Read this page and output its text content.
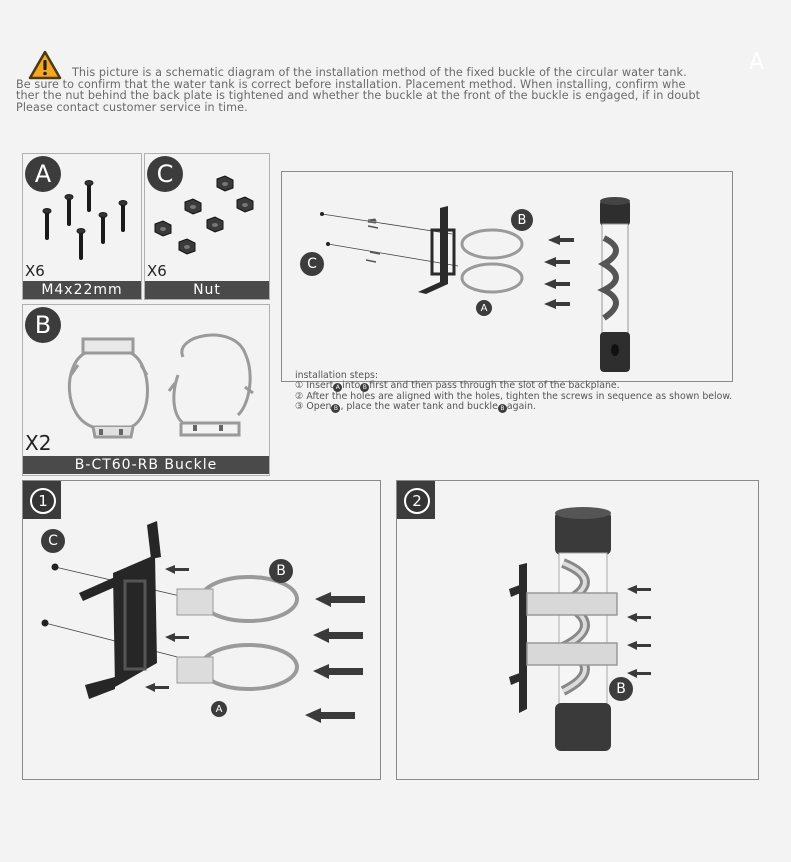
A
This picture is a schematic diagram of the installation method of the fixed buckle of the circular water tank.
Be sure to confirm that the water tank is correct before installation. Placement method. When installing, confirm whe
ther the nut behind the back plate is tightened and whether the buckle at the front of the buckle is engaged, if in doubt
Please contact customer service in time.
A
X6
M4x22mm
C
X6
Nut
B
X2
B-CT60-RB Buckle
B
C
A
installation steps:
① Insert A into B first and then pass through the slot of the backplane.
② After the holes are aligned with the holes, tighten the screws in sequence as shown below.
③ Open B , place the water tank and buckle B again.
1
C
B
A
2
B
